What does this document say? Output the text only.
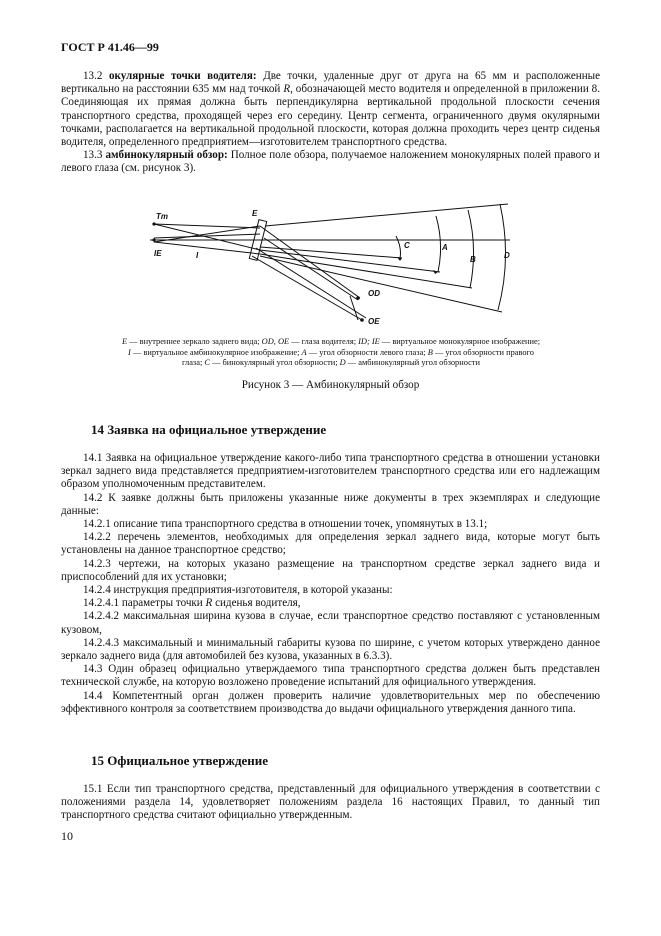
ГОСТ Р 41.46—99

13.2 окулярные точки водителя: Две точки, удаленные друг от друга на 65 мм и расположенные вертикально на расстоянии 635 мм над точкой R, обозначающей место водителя и определенной в приложении 8. Соединяющая их прямая должна быть перпендикулярна вертикальной продольной плоскости сечения транспортного средства, проходящей через его середину. Центр сегмента, ограниченного двумя окулярными точками, располагается на вертикальной продольной плоскости, которая должна проходить через центр сиденья водителя, определенного предприятием—изготовителем транспортного средства.

13.3 амбинокулярный обзор: Полное поле обзора, получаемое наложением монокулярных полей правого и левого глаза (см. рисунок 3).

Tm
IE	I
E
C	A
B	D
OD
OE
E — внутреннее зеркало заднего вида; OD, OE — глаза водителя; ID; IE — виртуальное монокулярное изображение;
I — виртуальное амбинокулярное изображение; A — угол обзорности левого глаза; B — угол обзорности правого
глаза; C — бинокулярный угол обзорности; D — амбинокулярный угол обзорности
Рисунок 3 — Амбинокулярный обзор
14 Заявка на официальное утверждение

14.1 Заявка на официальное утверждение какого-либо типа транспортного средства в отношении установки зеркал заднего вида представляется предприятием-изготовителем транспортного средства или его надлежащим образом уполномоченным представителем.

14.2 К заявке должны быть приложены указанные ниже документы в трех экземплярах и следующие данные:

14.2.1 описание типа транспортного средства в отношении точек, упомянутых в 13.1;

14.2.2 перечень элементов, необходимых для определения зеркал заднего вида, которые могут быть установлены на данное транспортное средство;

14.2.3 чертежи, на которых указано размещение на транспортном средстве зеркал заднего вида и приспособлений для их установки;

14.2.4 инструкция предприятия-изготовителя, в которой указаны:

14.2.4.1 параметры точки R сиденья водителя,

14.2.4.2 максимальная ширина кузова в случае, если транспортное средство поставляют с установленным кузовом,

14.2.4.3 максимальный и минимальный габариты кузова по ширине, с учетом которых утверждено данное зеркало заднего вида (для автомобилей без кузова, указанных в 6.3.3).

14.3 Один образец официально утверждаемого типа транспортного средства должен быть представлен технической службе, на которую возложено проведение испытаний для официального утверждения.

14.4 Компетентный орган должен проверить наличие удовлетворительных мер по обеспечению эффективного контроля за соответствием производства до выдачи официального утверждения данного типа.

15 Официальное утверждение

15.1 Если тип транспортного средства, представленный для официального утверждения в соответствии с положениями раздела 14, удовлетворяет положениям раздела 16 настоящих Правил, то данный тип транспортного средства считают официально утвержденным.

10
